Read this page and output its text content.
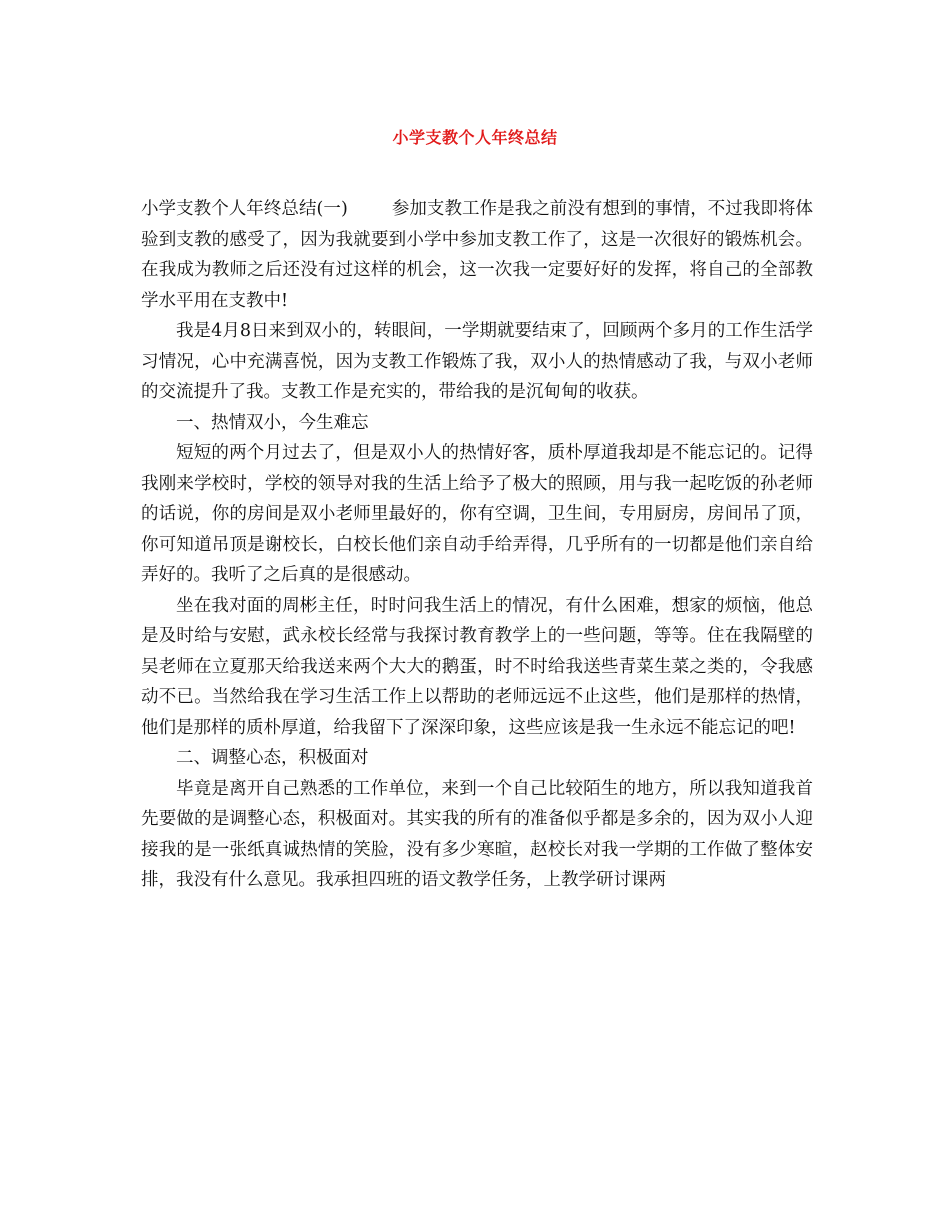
小学支教个人年终总结

小学支教个人年终总结(一)	参加支教工作是我之前没有想到的事情，不过我即将体验到支教的感受了，因为我就要到小学中参加支教工作了，这是一次很好的锻炼机会。在我成为教师之后还没有过这样的机会，这一次我一定要好好的发挥，将自己的全部教学水平用在支教中!

我是4月8日来到双小的，转眼间，一学期就要结束了，回顾两个多月的工作生活学习情况，心中充满喜悦，因为支教工作锻炼了我，双小人的热情感动了我，与双小老师的交流提升了我。支教工作是充实的，带给我的是沉甸甸的收获。

一、热情双小，今生难忘

短短的两个月过去了，但是双小人的热情好客，质朴厚道我却是不能忘记的。记得我刚来学校时，学校的领导对我的生活上给予了极大的照顾，用与我一起吃饭的孙老师的话说，你的房间是双小老师里最好的，你有空调，卫生间，专用厨房，房间吊了顶，你可知道吊顶是谢校长，白校长他们亲自动手给弄得，几乎所有的一切都是他们亲自给弄好的。我听了之后真的是很感动。

坐在我对面的周彬主任，时时问我生活上的情况，有什么困难，想家的烦恼，他总是及时给与安慰，武永校长经常与我探讨教育教学上的一些问题，等等。住在我隔壁的吴老师在立夏那天给我送来两个大大的鹅蛋，时不时给我送些青菜生菜之类的，令我感动不已。当然给我在学习生活工作上以帮助的老师远远不止这些，他们是那样的热情，他们是那样的质朴厚道，给我留下了深深印象，这些应该是我一生永远不能忘记的吧!

二、调整心态，积极面对

毕竟是离开自己熟悉的工作单位，来到一个自己比较陌生的地方，所以我知道我首先要做的是调整心态，积极面对。其实我的所有的准备似乎都是多余的，因为双小人迎接我的是一张纸真诚热情的笑脸，没有多少寒暄，赵校长对我一学期的工作做了整体安排，我没有什么意见。我承担四班的语文教学任务，上教学研讨课两
